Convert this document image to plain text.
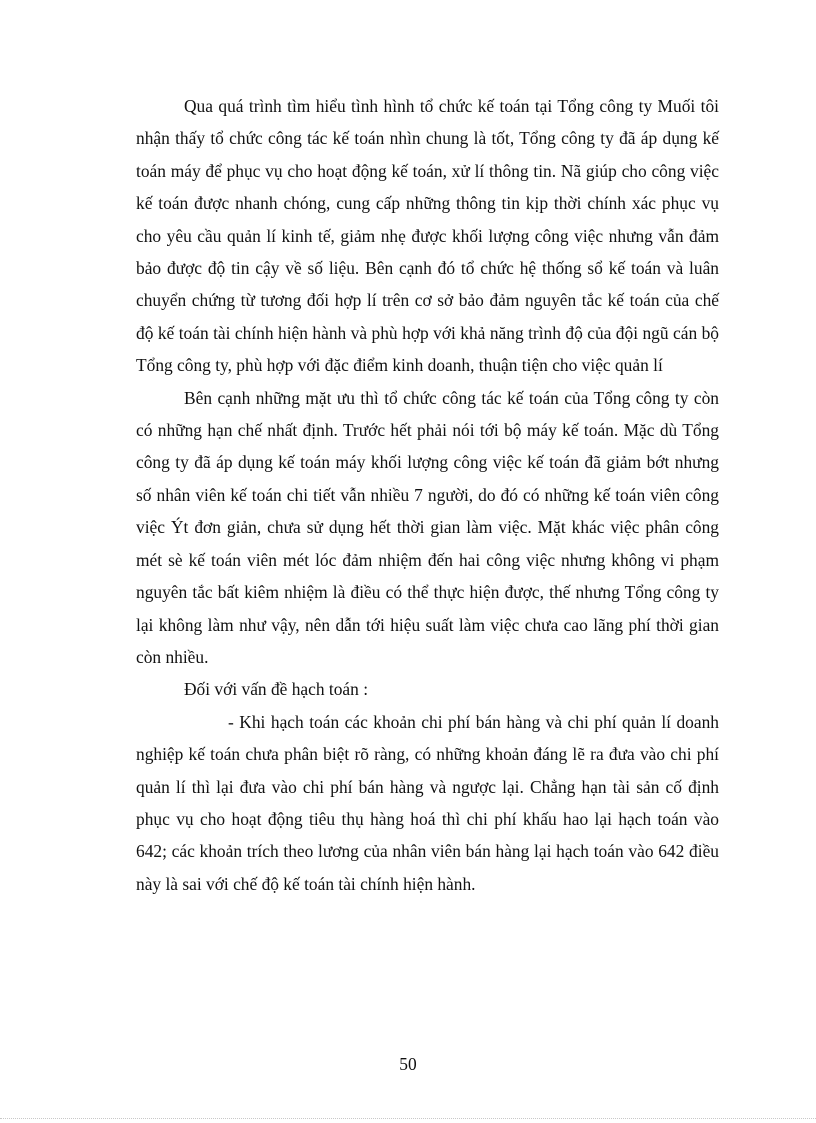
Qua quá trình tìm hiểu tình hình tổ chức kế toán tại Tổng công ty Muối tôi nhận thấy tổ chức công tác kế toán nhìn chung là tốt, Tổng công ty đã áp dụng kế toán máy để phục vụ cho hoạt động kế toán, xử lí thông tin. Nã giúp cho công việc kế toán được nhanh chóng, cung cấp những thông tin kịp thời chính xác phục vụ cho yêu cầu quản lí kinh tế, giảm nhẹ được khối lượng công việc nhưng vẫn đảm bảo được độ tin cậy về số liệu. Bên cạnh đó tổ chức hệ thống sổ kế toán và luân chuyển chứng từ tương đối hợp lí trên cơ sở bảo đảm nguyên tắc kế toán của chế độ kế toán tài chính hiện hành và phù hợp với khả năng trình độ của đội ngũ cán bộ Tổng công ty, phù hợp với đặc điểm kinh doanh, thuận tiện cho việc quản lí

Bên cạnh những mặt ưu thì tổ chức công tác kế toán của Tổng công ty còn có những hạn chế nhất định. Trước hết phải nói tới bộ máy kế toán. Mặc dù Tổng công ty đã áp dụng kế toán máy khối lượng công việc kế toán đã giảm bớt nhưng số nhân viên kế toán chi tiết vẫn nhiều 7 người, do đó có những kế toán viên công việc Ýt đơn giản, chưa sử dụng hết thời gian làm việc. Mặt khác việc phân công mét sè kế toán viên mét lóc đảm nhiệm đến hai công việc nhưng không vi phạm nguyên tắc bất kiêm nhiệm là điều có thể thực hiện được, thế nhưng Tổng công ty lại không làm như vậy, nên dẫn tới hiệu suất làm việc chưa cao lãng phí thời gian còn nhiều.

Đối với vấn đề hạch toán :

- Khi hạch toán các khoản chi phí bán hàng và chi phí quản lí doanh nghiệp kế toán chưa phân biệt rõ ràng, có những khoản đáng lẽ ra đưa vào chi phí quản lí thì lại đưa vào chi phí bán hàng và ngược lại. Chẳng hạn tài sản cố định phục vụ cho hoạt động tiêu thụ hàng hoá thì chi phí khấu hao lại hạch toán vào 642; các khoản trích theo lương của nhân viên bán hàng lại hạch toán vào 642 điều này là sai với chế độ kế toán tài chính hiện hành.

50
